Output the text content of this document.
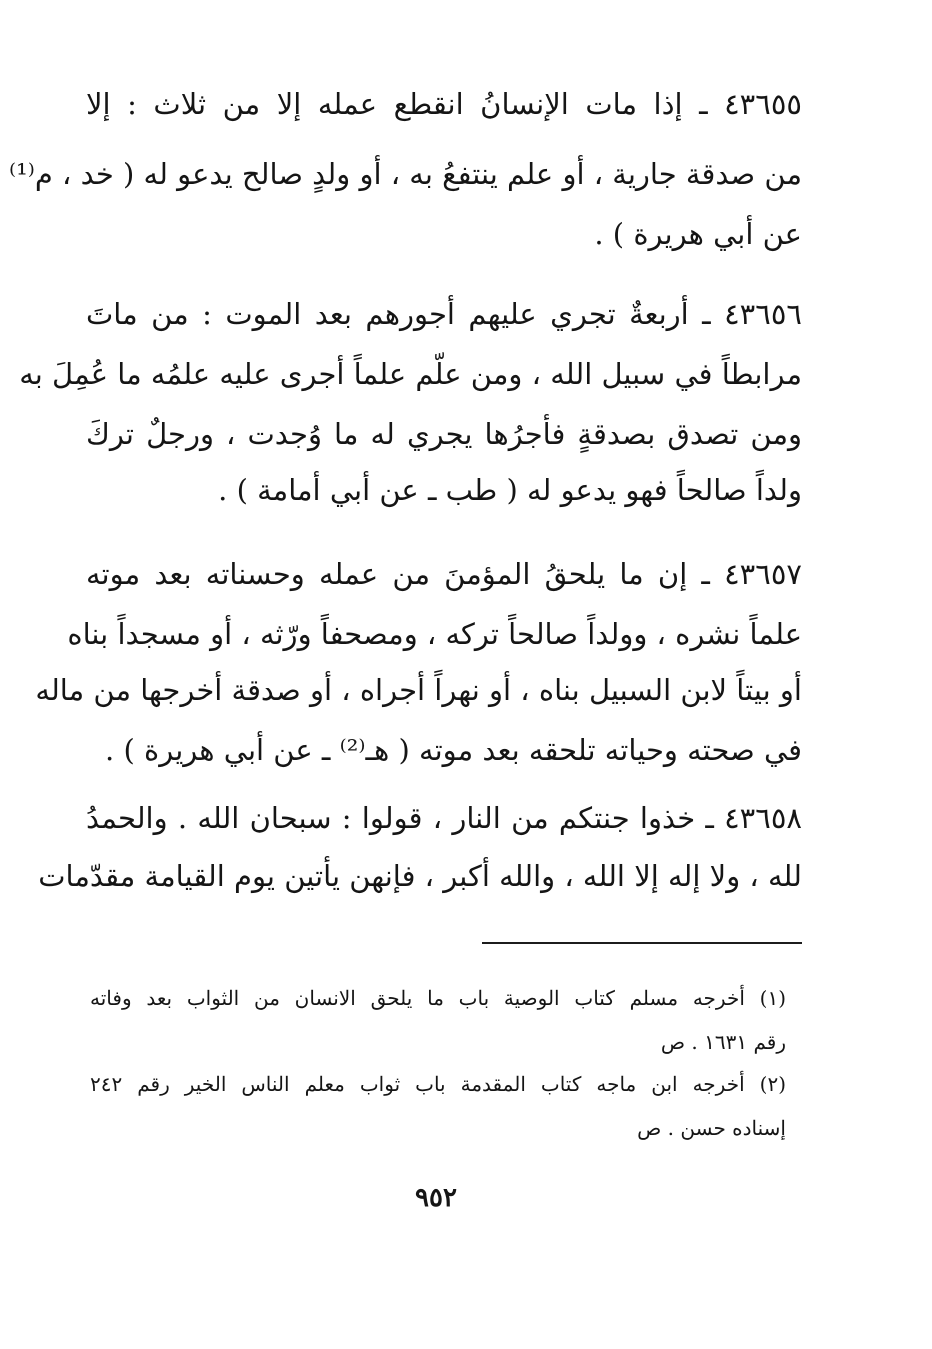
٤٣٦٥٥ ـ إذا مات الإنسانُ انقطع عمله إلا من ثلاث : إلا
من صدقة جارية ، أو علم ينتفعُ به ، أو ولدٍ صالح يدعو له ( خد ، م⁽¹⁾
عن أبي هريرة ) .
٤٣٦٥٦ ـ أربعةٌ تجري عليهم أجورهم بعد الموت : من ماتَ
مرابطاً في سبيل الله ، ومن علّم علماً أجرى عليه علمُه ما عُمِلَ به
ومن تصدق بصدقةٍ فأجرُها يجري له ما وُجدت ، ورجلٌ تركَ
ولداً صالحاً فهو يدعو له ( طب ـ عن أبي أمامة ) .
٤٣٦٥٧ ـ إن ما يلحقُ المؤمنَ من عمله وحسناته بعد موته
علماً نشره ، وولداً صالحاً تركه ، ومصحفاً ورّثه ، أو مسجداً بناه
أو بيتاً لابن السبيل بناه ، أو نهراً أجراه ، أو صدقة أخرجها من ماله
في صحته وحياته تلحقه بعد موته ( هـ⁽²⁾ ـ عن أبي هريرة ) .
٤٣٦٥٨ ـ خذوا جنتكم من النار ، قولوا : سبحان الله . والحمدُ
لله ، ولا إله إلا الله ، والله أكبر ، فإنهن يأتين يوم القيامة مقدّمات
(١) أخرجه مسلم كتاب الوصية باب ما يلحق الانسان من الثواب بعد وفاته
رقم ١٦٣١ . ص
(٢) أخرجه ابن ماجه كتاب المقدمة باب ثواب معلم الناس الخير رقم ٢٤٢
إسناده حسن . ص
٩٥٢
